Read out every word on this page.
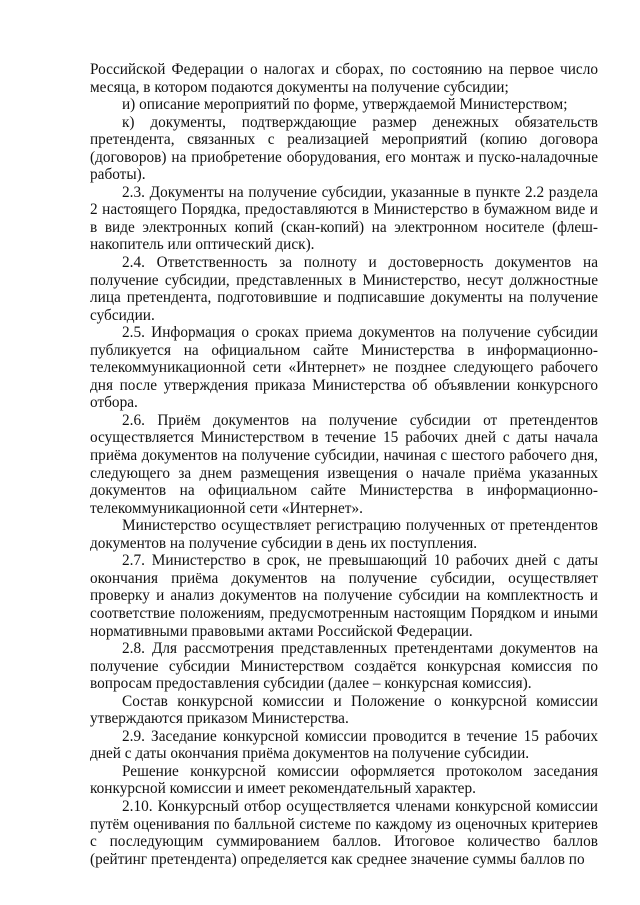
Российской Федерации о налогах и сборах, по состоянию на первое число месяца, в котором подаются документы на получение субсидии;

и) описание мероприятий по форме, утверждаемой Министерством;

к) документы, подтверждающие размер денежных обязательств претендента, связанных с реализацией мероприятий (копию договора (договоров) на приобретение оборудования, его монтаж и пуско-наладочные работы).

2.3. Документы на получение субсидии, указанные в пункте 2.2 раздела 2 настоящего Порядка, предоставляются в Министерство в бумажном виде и в виде электронных копий (скан-копий) на электронном носителе (флеш-накопитель или оптический диск).

2.4. Ответственность за полноту и достоверность документов на получение субсидии, представленных в Министерство, несут должностные лица претендента, подготовившие и подписавшие документы на получение субсидии.

2.5. Информация о сроках приема документов на получение субсидии публикуется на официальном сайте Министерства в информационно-телекоммуникационной сети «Интернет» не позднее следующего рабочего дня после утверждения приказа Министерства об объявлении конкурсного отбора.

2.6. Приём документов на получение субсидии от претендентов осуществляется Министерством в течение 15 рабочих дней с даты начала приёма документов на получение субсидии, начиная с шестого рабочего дня, следующего за днем размещения извещения о начале приёма указанных документов на официальном сайте Министерства в информационно-телекоммуникационной сети «Интернет».

Министерство осуществляет регистрацию полученных от претендентов документов на получение субсидии в день их поступления.

2.7. Министерство в срок, не превышающий 10 рабочих дней с даты окончания приёма документов на получение субсидии, осуществляет проверку и анализ документов на получение субсидии на комплектность и соответствие положениям, предусмотренным настоящим Порядком и иными нормативными правовыми актами Российской Федерации.

2.8. Для рассмотрения представленных претендентами документов на получение субсидии Министерством создаётся конкурсная комиссия по вопросам предоставления субсидии (далее – конкурсная комиссия).

Состав конкурсной комиссии и Положение о конкурсной комиссии утверждаются приказом Министерства.

2.9. Заседание конкурсной комиссии проводится в течение 15 рабочих дней с даты окончания приёма документов на получение субсидии.

Решение конкурсной комиссии оформляется протоколом заседания конкурсной комиссии и имеет рекомендательный характер.

2.10. Конкурсный отбор осуществляется членами конкурсной комиссии путём оценивания по балльной системе по каждому из оценочных критериев с последующим суммированием баллов. Итоговое количество баллов (рейтинг претендента) определяется как среднее значение суммы баллов по
